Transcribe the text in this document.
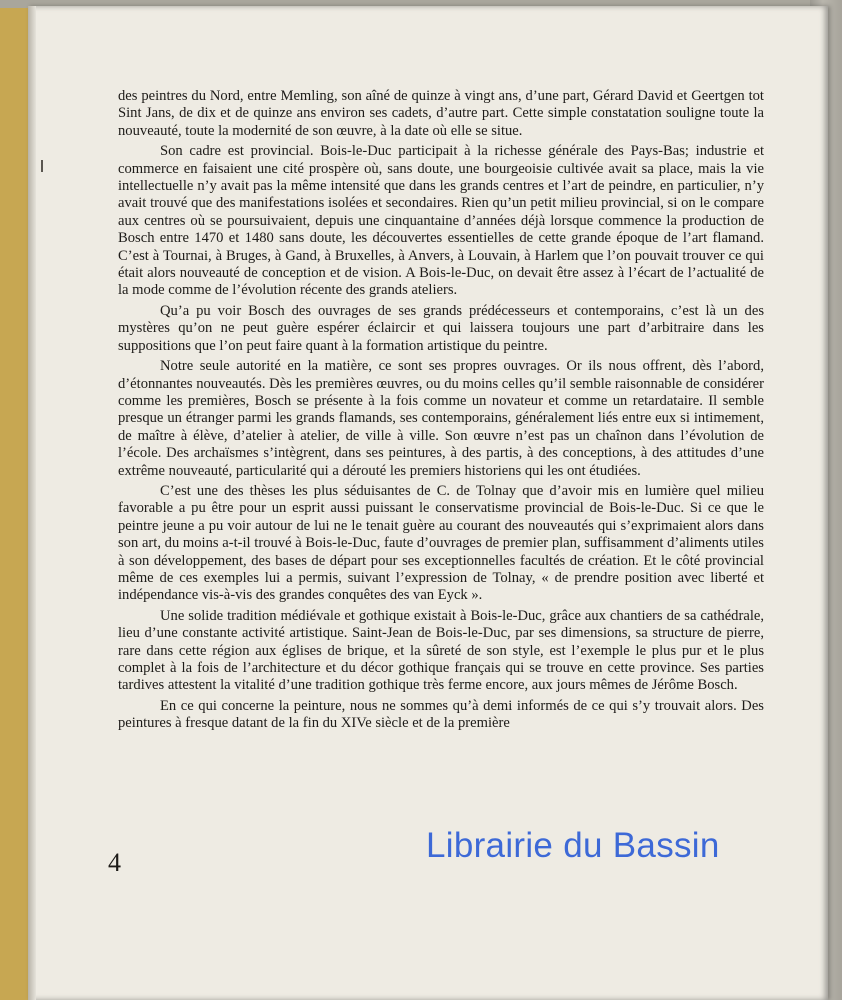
des peintres du Nord, entre Memling, son aîné de quinze à vingt ans, d’une part, Gérard David et Geertgen tot Sint Jans, de dix et de quinze ans environ ses cadets, d’autre part. Cette simple constatation souligne toute la nouveauté, toute la modernité de son œuvre, à la date où elle se situe.

Son cadre est provincial. Bois-le-Duc participait à la richesse générale des Pays-Bas; industrie et commerce en faisaient une cité prospère où, sans doute, une bourgeoisie cultivée avait sa place, mais la vie intellectuelle n’y avait pas la même intensité que dans les grands centres et l’art de peindre, en particulier, n’y avait trouvé que des manifestations isolées et secondaires. Rien qu’un petit milieu provincial, si on le compare aux centres où se poursuivaient, depuis une cinquantaine d’années déjà lorsque commence la production de Bosch entre 1470 et 1480 sans doute, les découvertes essentielles de cette grande époque de l’art flamand. C’est à Tournai, à Bruges, à Gand, à Bruxelles, à Anvers, à Louvain, à Harlem que l’on pouvait trouver ce qui était alors nouveauté de conception et de vision. A Bois-le-Duc, on devait être assez à l’écart de l’actualité de la mode comme de l’évolution récente des grands ateliers.

Qu’a pu voir Bosch des ouvrages de ses grands prédécesseurs et contemporains, c’est là un des mystères qu’on ne peut guère espérer éclaircir et qui laissera toujours une part d’arbitraire dans les suppositions que l’on peut faire quant à la formation artistique du peintre.

Notre seule autorité en la matière, ce sont ses propres ouvrages. Or ils nous offrent, dès l’abord, d’étonnantes nouveautés. Dès les premières œuvres, ou du moins celles qu’il semble raisonnable de considérer comme les premières, Bosch se présente à la fois comme un novateur et comme un retardataire. Il semble presque un étranger parmi les grands flamands, ses contemporains, généralement liés entre eux si intimement, de maître à élève, d’atelier à atelier, de ville à ville. Son œuvre n’est pas un chaînon dans l’évolution de l’école. Des archaïsmes s’intègrent, dans ses peintures, à des partis, à des conceptions, à des attitudes d’une extrême nouveauté, particularité qui a dérouté les premiers historiens qui les ont étudiées.

C’est une des thèses les plus séduisantes de C. de Tolnay que d’avoir mis en lumière quel milieu favorable a pu être pour un esprit aussi puissant le conservatisme provincial de Bois-le-Duc. Si ce que le peintre jeune a pu voir autour de lui ne le tenait guère au courant des nouveautés qui s’exprimaient alors dans son art, du moins a-t-il trouvé à Bois-le-Duc, faute d’ouvrages de premier plan, suffisamment d’aliments utiles à son développement, des bases de départ pour ses exceptionnelles facultés de création. Et le côté provincial même de ces exemples lui a permis, suivant l’expression de Tolnay, « de prendre position avec liberté et indépendance vis-à-vis des grandes conquêtes des van Eyck ».

Une solide tradition médiévale et gothique existait à Bois-le-Duc, grâce aux chantiers de sa cathédrale, lieu d’une constante activité artistique. Saint-Jean de Bois-le-Duc, par ses dimensions, sa structure de pierre, rare dans cette région aux églises de brique, et la sûreté de son style, est l’exemple le plus pur et le plus complet à la fois de l’architecture et du décor gothique français qui se trouve en cette province. Ses parties tardives attestent la vitalité d’une tradition gothique très ferme encore, aux jours mêmes de Jérôme Bosch.

En ce qui concerne la peinture, nous ne sommes qu’à demi informés de ce qui s’y trouvait alors. Des peintures à fresque datant de la fin du XIVe siècle et de la première

4	Librairie du Bassin
